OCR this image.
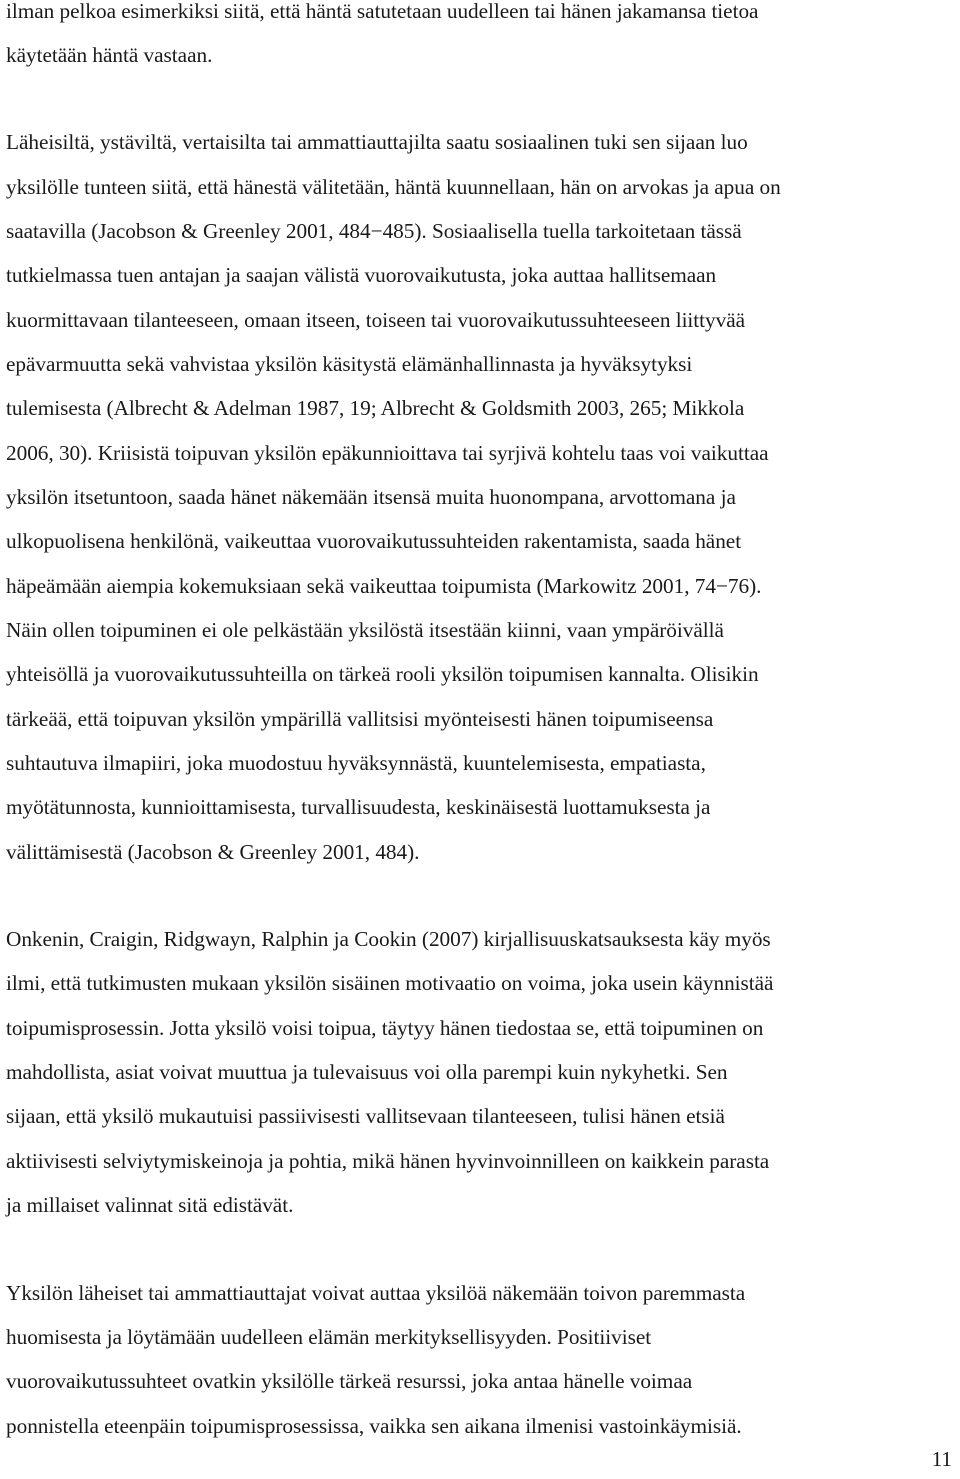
ilman pelkoa esimerkiksi siitä, että häntä satutetaan uudelleen tai hänen jakamansa tietoa
käytetään häntä vastaan.
Läheisiltä, ystäviltä, vertaisilta tai ammattiauttajilta saatu sosiaalinen tuki sen sijaan luo
yksilölle tunteen siitä, että hänestä välitetään, häntä kuunnellaan, hän on arvokas ja apua on
saatavilla (Jacobson & Greenley 2001, 484−485). Sosiaalisella tuella tarkoitetaan tässä
tutkielmassa tuen antajan ja saajan välistä vuorovaikutusta, joka auttaa hallitsemaan
kuormittavaan tilanteeseen, omaan itseen, toiseen tai vuorovaikutussuhteeseen liittyvää
epävarmuutta sekä vahvistaa yksilön käsitystä elämänhallinnasta ja hyväksytyksi
tulemisesta (Albrecht & Adelman 1987, 19; Albrecht & Goldsmith 2003, 265; Mikkola
2006, 30). Kriisistä toipuvan yksilön epäkunnioittava tai syrjivä kohtelu taas voi vaikuttaa
yksilön itsetuntoon, saada hänet näkemään itsensä muita huonompana, arvottomana ja
ulkopuolisena henkilönä, vaikeuttaa vuorovaikutussuhteiden rakentamista, saada hänet
häpeämään aiempia kokemuksiaan sekä vaikeuttaa toipumista (Markowitz 2001, 74−76).
Näin ollen toipuminen ei ole pelkästään yksilöstä itsestään kiinni, vaan ympäröivällä
yhteisöllä ja vuorovaikutussuhteilla on tärkeä rooli yksilön toipumisen kannalta. Olisikin
tärkeää, että toipuvan yksilön ympärillä vallitsisi myönteisesti hänen toipumiseensa
suhtautuva ilmapiiri, joka muodostuu hyväksynnästä, kuuntelemisesta, empatiasta,
myötätunnosta, kunnioittamisesta, turvallisuudesta, keskinäisestä luottamuksesta ja
välittämisestä (Jacobson & Greenley 2001, 484).
Onkenin, Craigin, Ridgwayn, Ralphin ja Cookin (2007) kirjallisuuskatsauksesta käy myös
ilmi, että tutkimusten mukaan yksilön sisäinen motivaatio on voima, joka usein käynnistää
toipumisprosessin. Jotta yksilö voisi toipua, täytyy hänen tiedostaa se, että toipuminen on
mahdollista, asiat voivat muuttua ja tulevaisuus voi olla parempi kuin nykyhetki. Sen
sijaan, että yksilö mukautuisi passiivisesti vallitsevaan tilanteeseen, tulisi hänen etsiä
aktiivisesti selviytymiskeinoja ja pohtia, mikä hänen hyvinvoinnilleen on kaikkein parasta
ja millaiset valinnat sitä edistävät.
Yksilön läheiset tai ammattiauttajat voivat auttaa yksilöä näkemään toivon paremmasta
huomisesta ja löytämään uudelleen elämän merkityksellisyyden. Positiiviset
vuorovaikutussuhteet ovatkin yksilölle tärkeä resurssi, joka antaa hänelle voimaa
ponnistella eteenpäin toipumisprosessissa, vaikka sen aikana ilmenisi vastoinkäymisiä.
11
